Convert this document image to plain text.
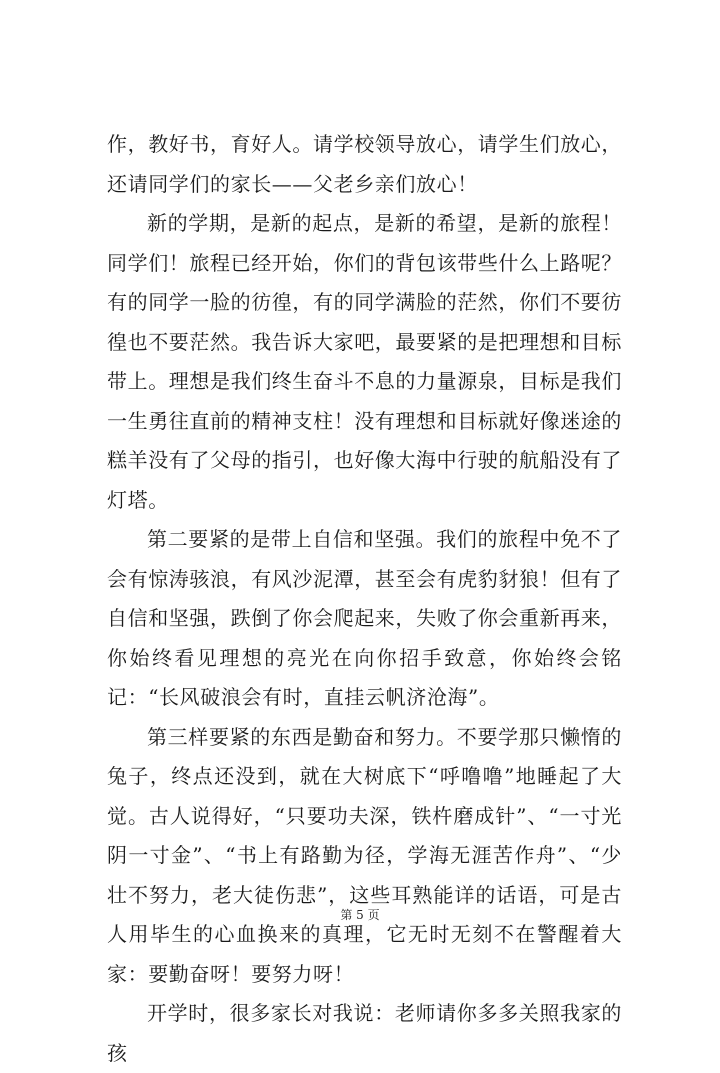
作，教好书，育好人。请学校领导放心，请学生们放心，还请同学们的家长——父老乡亲们放心！

新的学期，是新的起点，是新的希望，是新的旅程！同学们！旅程已经开始，你们的背包该带些什么上路呢？有的同学一脸的彷徨，有的同学满脸的茫然，你们不要彷徨也不要茫然。我告诉大家吧，最要紧的是把理想和目标带上。理想是我们终生奋斗不息的力量源泉，目标是我们一生勇往直前的精神支柱！没有理想和目标就好像迷途的糕羊没有了父母的指引，也好像大海中行驶的航船没有了灯塔。

第二要紧的是带上自信和坚强。我们的旅程中免不了会有惊涛骇浪，有风沙泥潭，甚至会有虎豹豺狼！但有了自信和坚强，跌倒了你会爬起来，失败了你会重新再来，你始终看见理想的亮光在向你招手致意，你始终会铭记：“长风破浪会有时，直挂云帆济沧海”。

第三样要紧的东西是勤奋和努力。不要学那只懒惰的兔子，终点还没到，就在大树底下“呼噜噜”地睡起了大觉。古人说得好，“只要功夫深，铁杵磨成针”、“一寸光阴一寸金”、“书上有路勤为径，学海无涯苦作舟”、“少壮不努力，老大徒伤悲”，这些耳熟能详的话语，可是古人用毕生的心血换来的真理，它无时无刻不在警醒着大家：要勤奋呀！要努力呀！

开学时，很多家长对我说：老师请你多多关照我家的孩

第 5 页
